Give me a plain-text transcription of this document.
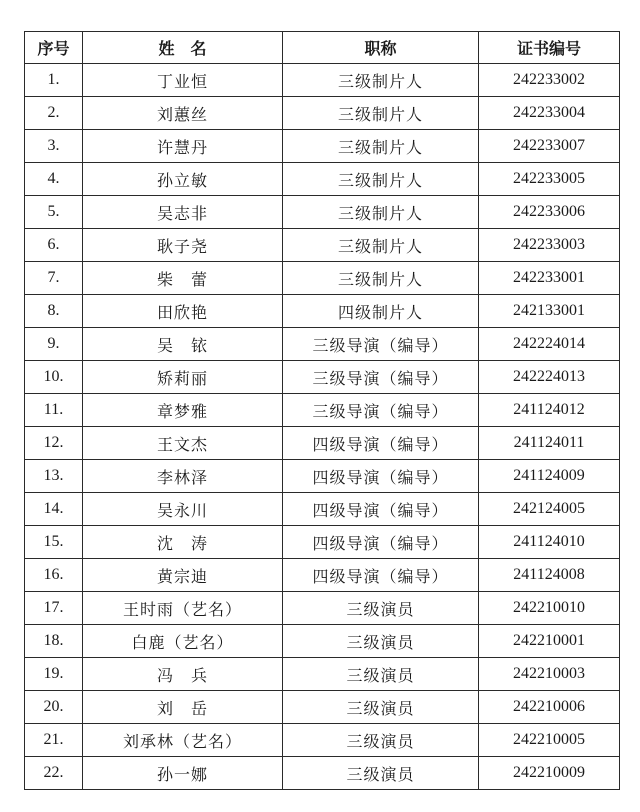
序号	姓　名	职称	证书编号
1.	丁业恒	三级制片人	242233002
2.	刘蕙丝	三级制片人	242233004
3.	许慧丹	三级制片人	242233007
4.	孙立敏	三级制片人	242233005
5.	吴志非	三级制片人	242233006
6.	耿子尧	三级制片人	242233003
7.	柴　蕾	三级制片人	242233001
8.	田欣艳	四级制片人	242133001
9.	吴　铱	三级导演（编导）	242224014
10.	矫莉丽	三级导演（编导）	242224013
11.	章梦雅	三级导演（编导）	241124012
12.	王文杰	四级导演（编导）	241124011
13.	李林泽	四级导演（编导）	241124009
14.	吴永川	四级导演（编导）	242124005
15.	沈　涛	四级导演（编导）	241124010
16.	黄宗迪	四级导演（编导）	241124008
17.	王时雨（艺名）	三级演员	242210010
18.	白鹿（艺名）	三级演员	242210001
19.	冯　兵	三级演员	242210003
20.	刘　岳	三级演员	242210006
21.	刘承林（艺名）	三级演员	242210005
22.	孙一娜	三级演员	242210009
